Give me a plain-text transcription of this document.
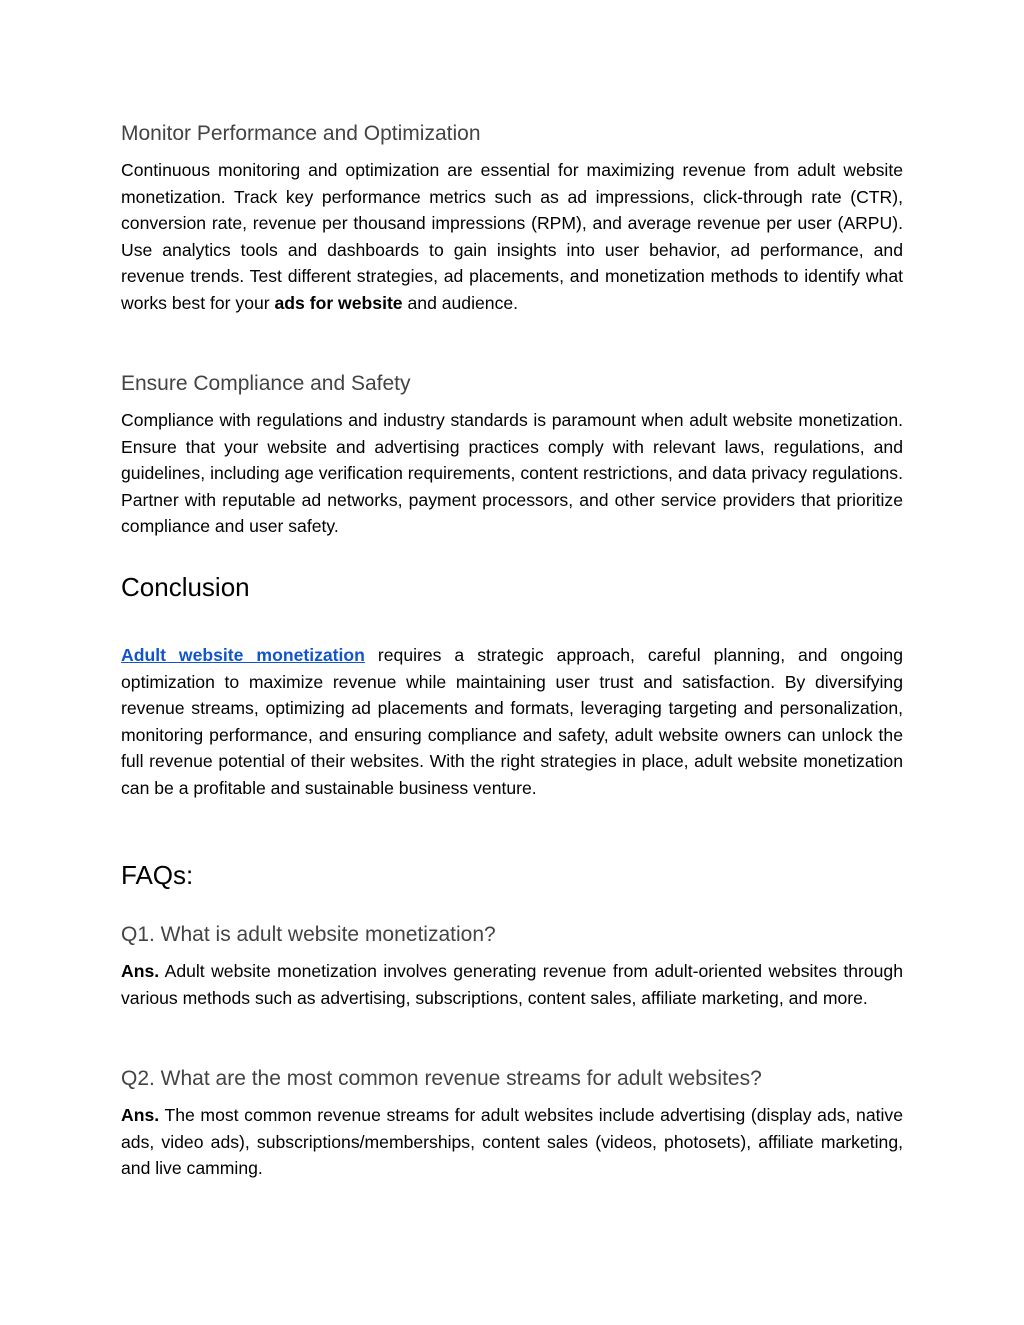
Monitor Performance and Optimization

Continuous monitoring and optimization are essential for maximizing revenue from adult website monetization. Track key performance metrics such as ad impressions, click-through rate (CTR), conversion rate, revenue per thousand impressions (RPM), and average revenue per user (ARPU). Use analytics tools and dashboards to gain insights into user behavior, ad performance, and revenue trends. Test different strategies, ad placements, and monetization methods to identify what works best for your ads for website and audience.

Ensure Compliance and Safety

Compliance with regulations and industry standards is paramount when adult website monetization. Ensure that your website and advertising practices comply with relevant laws, regulations, and guidelines, including age verification requirements, content restrictions, and data privacy regulations. Partner with reputable ad networks, payment processors, and other service providers that prioritize compliance and user safety.

Conclusion

Adult website monetization requires a strategic approach, careful planning, and ongoing optimization to maximize revenue while maintaining user trust and satisfaction. By diversifying revenue streams, optimizing ad placements and formats, leveraging targeting and personalization, monitoring performance, and ensuring compliance and safety, adult website owners can unlock the full revenue potential of their websites. With the right strategies in place, adult website monetization can be a profitable and sustainable business venture.

FAQs:
Q1. What is adult website monetization?

Ans. Adult website monetization involves generating revenue from adult-oriented websites through various methods such as advertising, subscriptions, content sales, affiliate marketing, and more.

Q2. What are the most common revenue streams for adult websites?

Ans. The most common revenue streams for adult websites include advertising (display ads, native ads, video ads), subscriptions/memberships, content sales (videos, photosets), affiliate marketing, and live camming.
